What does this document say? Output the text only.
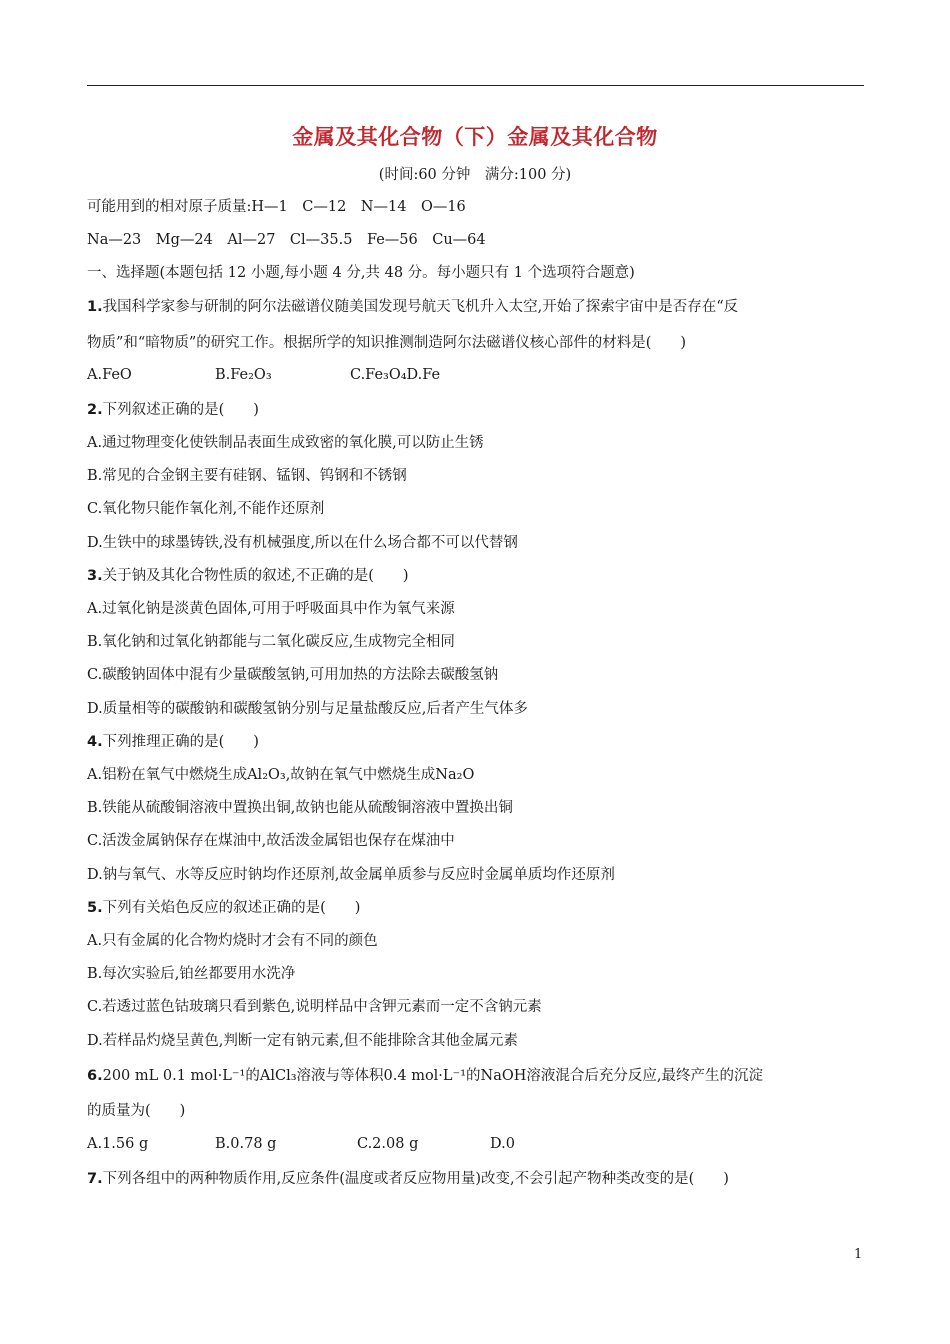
金属及其化合物（下）金属及其化合物
(时间:60 分钟　满分:100 分)
可能用到的相对原子质量:H—1　C—12　N—14　O—16
Na—23　Mg—24　Al—27　Cl—35.5　Fe—56　Cu—64
一、选择题(本题包括 12 小题,每小题 4 分,共 48 分。每小题只有 1 个选项符合题意)
1.我国科学家参与研制的阿尔法磁谱仪随美国发现号航天飞机升入太空,开始了探索宇宙中是否存在“反
物质”和“暗物质”的研究工作。根据所学的知识推测制造阿尔法磁谱仪核心部件的材料是(　　)
A.FeO	B.Fe₂O₃	C.Fe₃O₄D.Fe
2.下列叙述正确的是(　　)
A.通过物理变化使铁制品表面生成致密的氧化膜,可以防止生锈
B.常见的合金钢主要有硅钢、锰钢、钨钢和不锈钢
C.氧化物只能作氧化剂,不能作还原剂
D.生铁中的球墨铸铁,没有机械强度,所以在什么场合都不可以代替钢
3.关于钠及其化合物性质的叙述,不正确的是(　　)
A.过氧化钠是淡黄色固体,可用于呼吸面具中作为氧气来源
B.氧化钠和过氧化钠都能与二氧化碳反应,生成物完全相同
C.碳酸钠固体中混有少量碳酸氢钠,可用加热的方法除去碳酸氢钠
D.质量相等的碳酸钠和碳酸氢钠分别与足量盐酸反应,后者产生气体多
4.下列推理正确的是(　　)
A.铝粉在氧气中燃烧生成Al₂O₃,故钠在氧气中燃烧生成Na₂O
B.铁能从硫酸铜溶液中置换出铜,故钠也能从硫酸铜溶液中置换出铜
C.活泼金属钠保存在煤油中,故活泼金属铝也保存在煤油中
D.钠与氧气、水等反应时钠均作还原剂,故金属单质参与反应时金属单质均作还原剂
5.下列有关焰色反应的叙述正确的是(　　)
A.只有金属的化合物灼烧时才会有不同的颜色
B.每次实验后,铂丝都要用水洗净
C.若透过蓝色钴玻璃只看到紫色,说明样品中含钾元素而一定不含钠元素
D.若样品灼烧呈黄色,判断一定有钠元素,但不能排除含其他金属元素
6.200 mL 0.1 mol·L⁻¹的AlCl₃溶液与等体积0.4 mol·L⁻¹的NaOH溶液混合后充分反应,最终产生的沉淀
的质量为(　　)
A.1.56 g	B.0.78 g	C.2.08 g	D.0
7.下列各组中的两种物质作用,反应条件(温度或者反应物用量)改变,不会引起产物种类改变的是(　　)
1
